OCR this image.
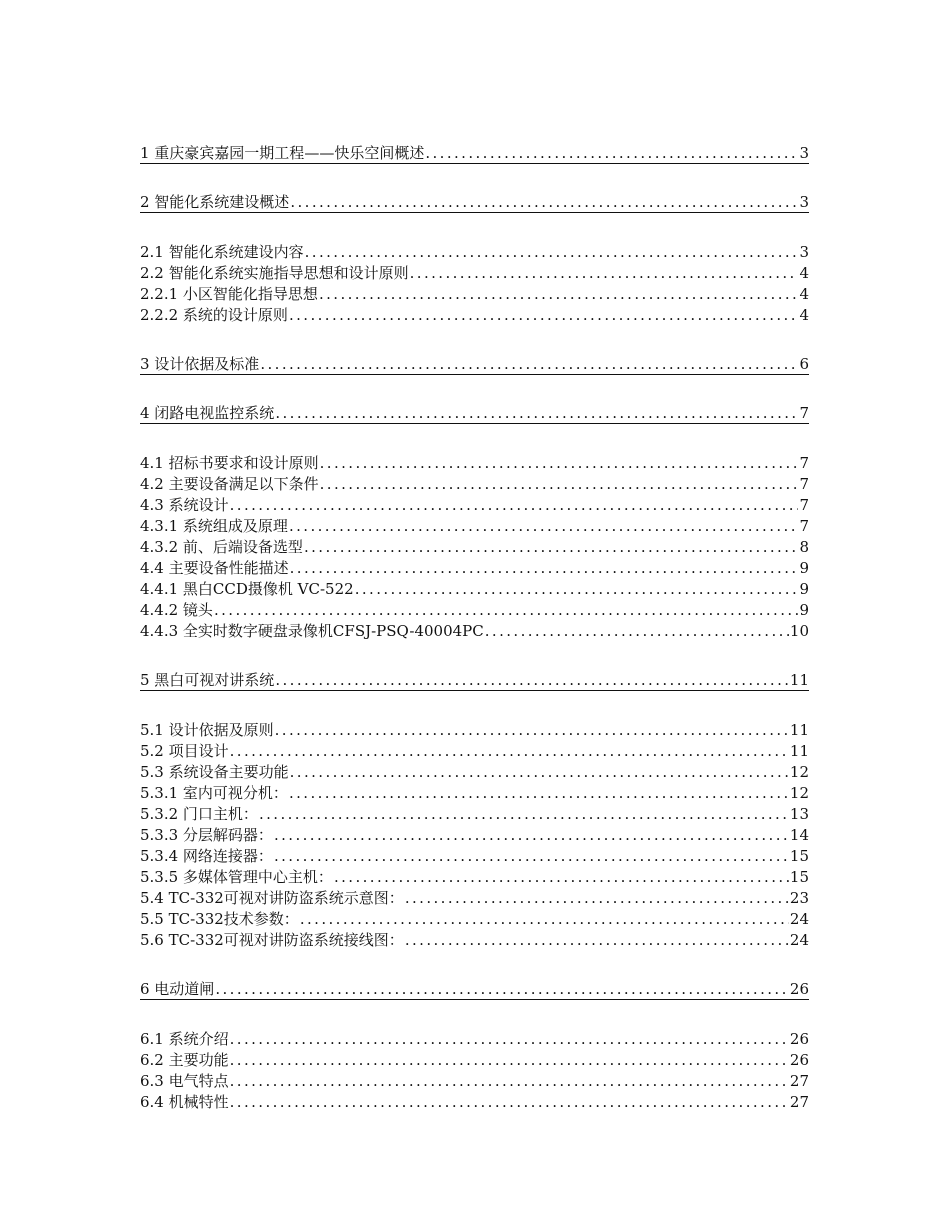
1 重庆豪宾嘉园一期工程——快乐空间概述 .....	3
2 智能化系统建设概述 .....	3
2.1 智能化系统建设内容 .....	3
2.2 智能化系统实施指导思想和设计原则 .....	4
2.2.1 小区智能化指导思想 .....	4
2.2.2 系统的设计原则 .....	4
3 设计依据及标准 .....	6
4 闭路电视监控系统 .....	7
4.1 招标书要求和设计原则 .....	7
4.2 主要设备满足以下条件 .....	7
4.3 系统设计 .....	7
4.3.1 系统组成及原理 .....	7
4.3.2 前、后端设备选型 .....	8
4.4 主要设备性能描述 .....	9
4.4.1 黑白CCD摄像机 VC-522 .....	9
4.4.2 镜头 .....	9
4.4.3 全实时数字硬盘录像机CFSJ-PSQ-40004PC .....	10
5 黑白可视对讲系统 .....	11
5.1 设计依据及原则 .....	11
5.2 项目设计 .....	11
5.3 系统设备主要功能 .....	12
5.3.1 室内可视分机： .....	12
5.3.2 门口主机： .....	13
5.3.3 分层解码器： .....	14
5.3.4 网络连接器： .....	15
5.3.5 多媒体管理中心主机： .....	15
5.4 TC-332可视对讲防盗系统示意图： .....	23
5.5 TC-332技术参数： .....	24
5.6 TC-332可视对讲防盗系统接线图： .....	24
6 电动道闸 .....	26
6.1 系统介绍 .....	26
6.2 主要功能 .....	26
6.3 电气特点 .....	27
6.4 机械特性 .....	27
